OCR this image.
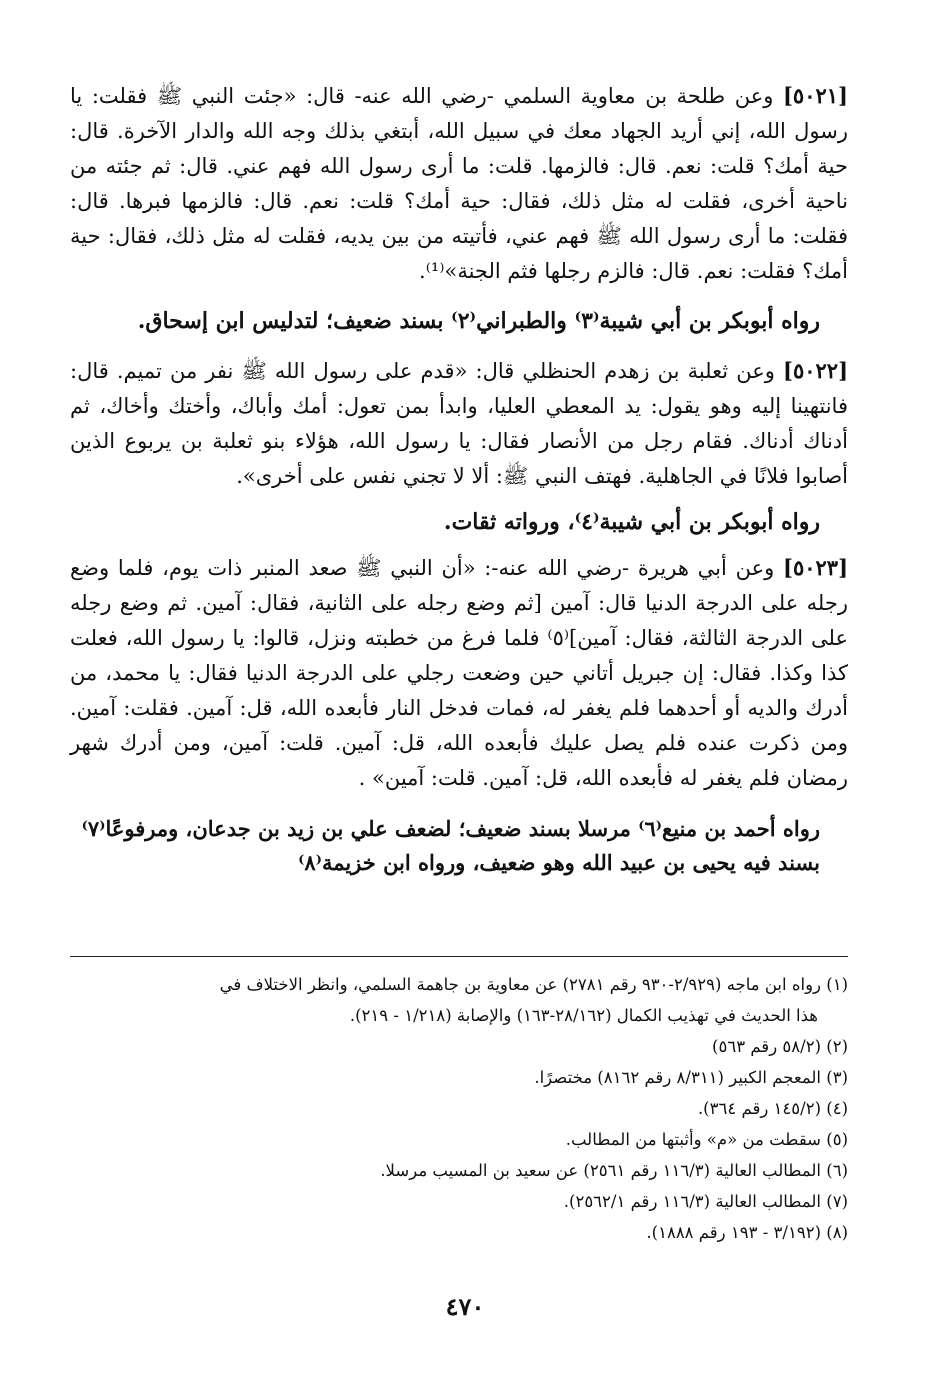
[٥٠٢١] وعن طلحة بن معاوية السلمي -رضي الله عنه- قال: «جئت النبي ﷺ فقلت: يا رسول الله، إني أريد الجهاد معك في سبيل الله، أبتغي بذلك وجه الله والدار الآخرة. قال: حية أمك؟ قلت: نعم. قال: فالزمها. قلت: ما أرى رسول الله فهم عني. قال: ثم جئته من ناحية أخرى، فقلت له مثل ذلك، فقال: حية أمك؟ قلت: نعم. قال: فالزمها فبرها. قال: فقلت: ما أرى رسول الله ﷺ فهم عني، فأتيته من بين يديه، فقلت له مثل ذلك، فقال: حية أمك؟ فقلت: نعم. قال: فالزم رجلها فثم الجنة»⁽¹⁾.

رواه أبوبكر بن أبي شيبة⁽٣⁾ والطبراني⁽٢⁾ بسند ضعيف؛ لتدليس ابن إسحاق.

[٥٠٢٢] وعن ثعلبة بن زهدم الحنظلي قال: «قدم على رسول الله ﷺ نفر من تميم. قال: فانتهينا إليه وهو يقول: يد المعطي العليا، وابدأ بمن تعول: أمك وأباك، وأختك وأخاك، ثم أدناك أدناك. فقام رجل من الأنصار فقال: يا رسول الله، هؤلاء بنو ثعلبة بن يربوع الذين أصابوا فلانًا في الجاهلية. فهتف النبي ﷺ: ألا لا تجني نفس على أخرى».

رواه أبوبكر بن أبي شيبة⁽٤⁾، ورواته ثقات.

[٥٠٢٣] وعن أبي هريرة -رضي الله عنه-: «أن النبي ﷺ صعد المنبر ذات يوم، فلما وضع رجله على الدرجة الدنيا قال: آمين [ثم وضع رجله على الثانية، فقال: آمين. ثم وضع رجله على الدرجة الثالثة، فقال: آمين]⁽٥⁾ فلما فرغ من خطبته ونزل، قالوا: يا رسول الله، فعلت كذا وكذا. فقال: إن جبريل أتاني حين وضعت رجلي على الدرجة الدنيا فقال: يا محمد، من أدرك والديه أو أحدهما فلم يغفر له، فمات فدخل النار فأبعده الله، قل: آمين. فقلت: آمين. ومن ذكرت عنده فلم يصل عليك فأبعده الله، قل: آمين. قلت: آمين، ومن أدرك شهر رمضان فلم يغفر له فأبعده الله، قل: آمين. قلت: آمين» .

رواه أحمد بن منيع⁽٦⁾ مرسلا بسند ضعيف؛ لضعف علي بن زيد بن جدعان، ومرفوعًا⁽٧⁾ بسند فيه يحيى بن عبيد الله وهو ضعيف، ورواه ابن خزيمة⁽٨⁾

(١) رواه ابن ماجه (٢/٩٢٩-٩٣٠ رقم ٢٧٨١) عن معاوية بن جاهمة السلمي، وانظر الاختلاف في

هذا الحديث في تهذيب الكمال (٢٨/١٦٢-١٦٣) والإصابة (١/٢١٨ - ٢١٩).

(٢) (٥٨/٢ رقم ٥٦٣)

(٣) المعجم الكبير (٨/٣١١ رقم ٨١٦٢) مختصرًا.

(٤) (١٤٥/٢ رقم ٣٦٤).

(٥) سقطت من «م» وأثبتها من المطالب.

(٦) المطالب العالية (١١٦/٣ رقم ٢٥٦١) عن سعيد بن المسيب مرسلا.

(٧) المطالب العالية (١١٦/٣ رقم ٢٥٦٢/١).

(٨) (٣/١٩٢ - ١٩٣ رقم ١٨٨٨).

٤٧٠
